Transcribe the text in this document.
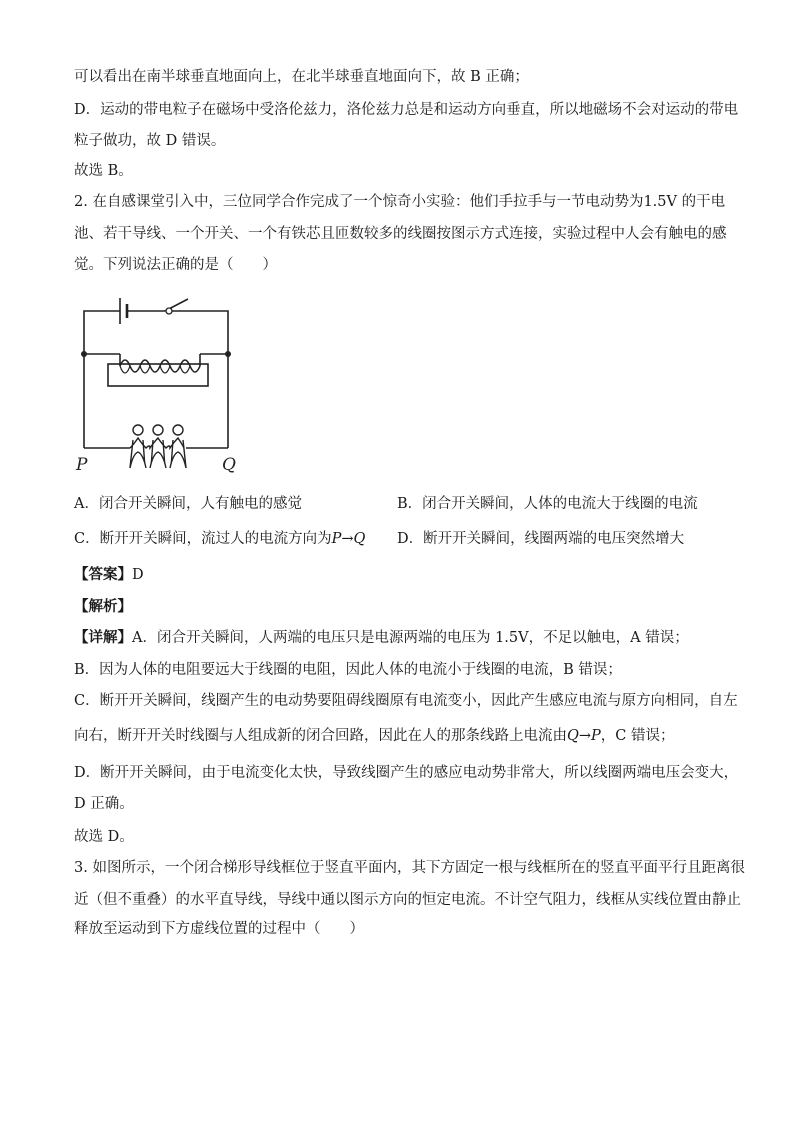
可以看出在南半球垂直地面向上，在北半球垂直地面向下，故 B 正确；
D．运动的带电粒子在磁场中受洛伦兹力，洛伦兹力总是和运动方向垂直，所以地磁场不会对运动的带电
粒子做功，故 D 错误。
故选 B。
2. 在自感课堂引入中，三位同学合作完成了一个惊奇小实验：他们手拉手与一节电动势为1.5V 的干电
池、若干导线、一个开关、一个有铁芯且匝数较多的线圈按图示方式连接，实验过程中人会有触电的感
觉。下列说法正确的是（　　）
P	Q
A．闭合开关瞬间，人有触电的感觉	B．闭合开关瞬间，人体的电流大于线圈的电流
C．断开开关瞬间，流过人的电流方向为P→Q D．断开开关瞬间，线圈两端的电压突然增大
【答案】D
【解析】
【详解】A．闭合开关瞬间，人两端的电压只是电源两端的电压为 1.5V，不足以触电，A 错误；
B．因为人体的电阻要远大于线圈的电阻，因此人体的电流小于线圈的电流，B 错误；
C．断开开关瞬间，线圈产生的电动势要阻碍线圈原有电流变小，因此产生感应电流与原方向相同，自左
向右，断开开关时线圈与人组成新的闭合回路，因此在人的那条线路上电流由Q→P，C 错误；
D．断开开关瞬间，由于电流变化太快，导致线圈产生的感应电动势非常大，所以线圈两端电压会变大，
D 正确。
故选 D。
3. 如图所示，一个闭合梯形导线框位于竖直平面内，其下方固定一根与线框所在的竖直平面平行且距离很
近（但不重叠）的水平直导线，导线中通以图示方向的恒定电流。不计空气阻力，线框从实线位置由静止
释放至运动到下方虚线位置的过程中（　　）
